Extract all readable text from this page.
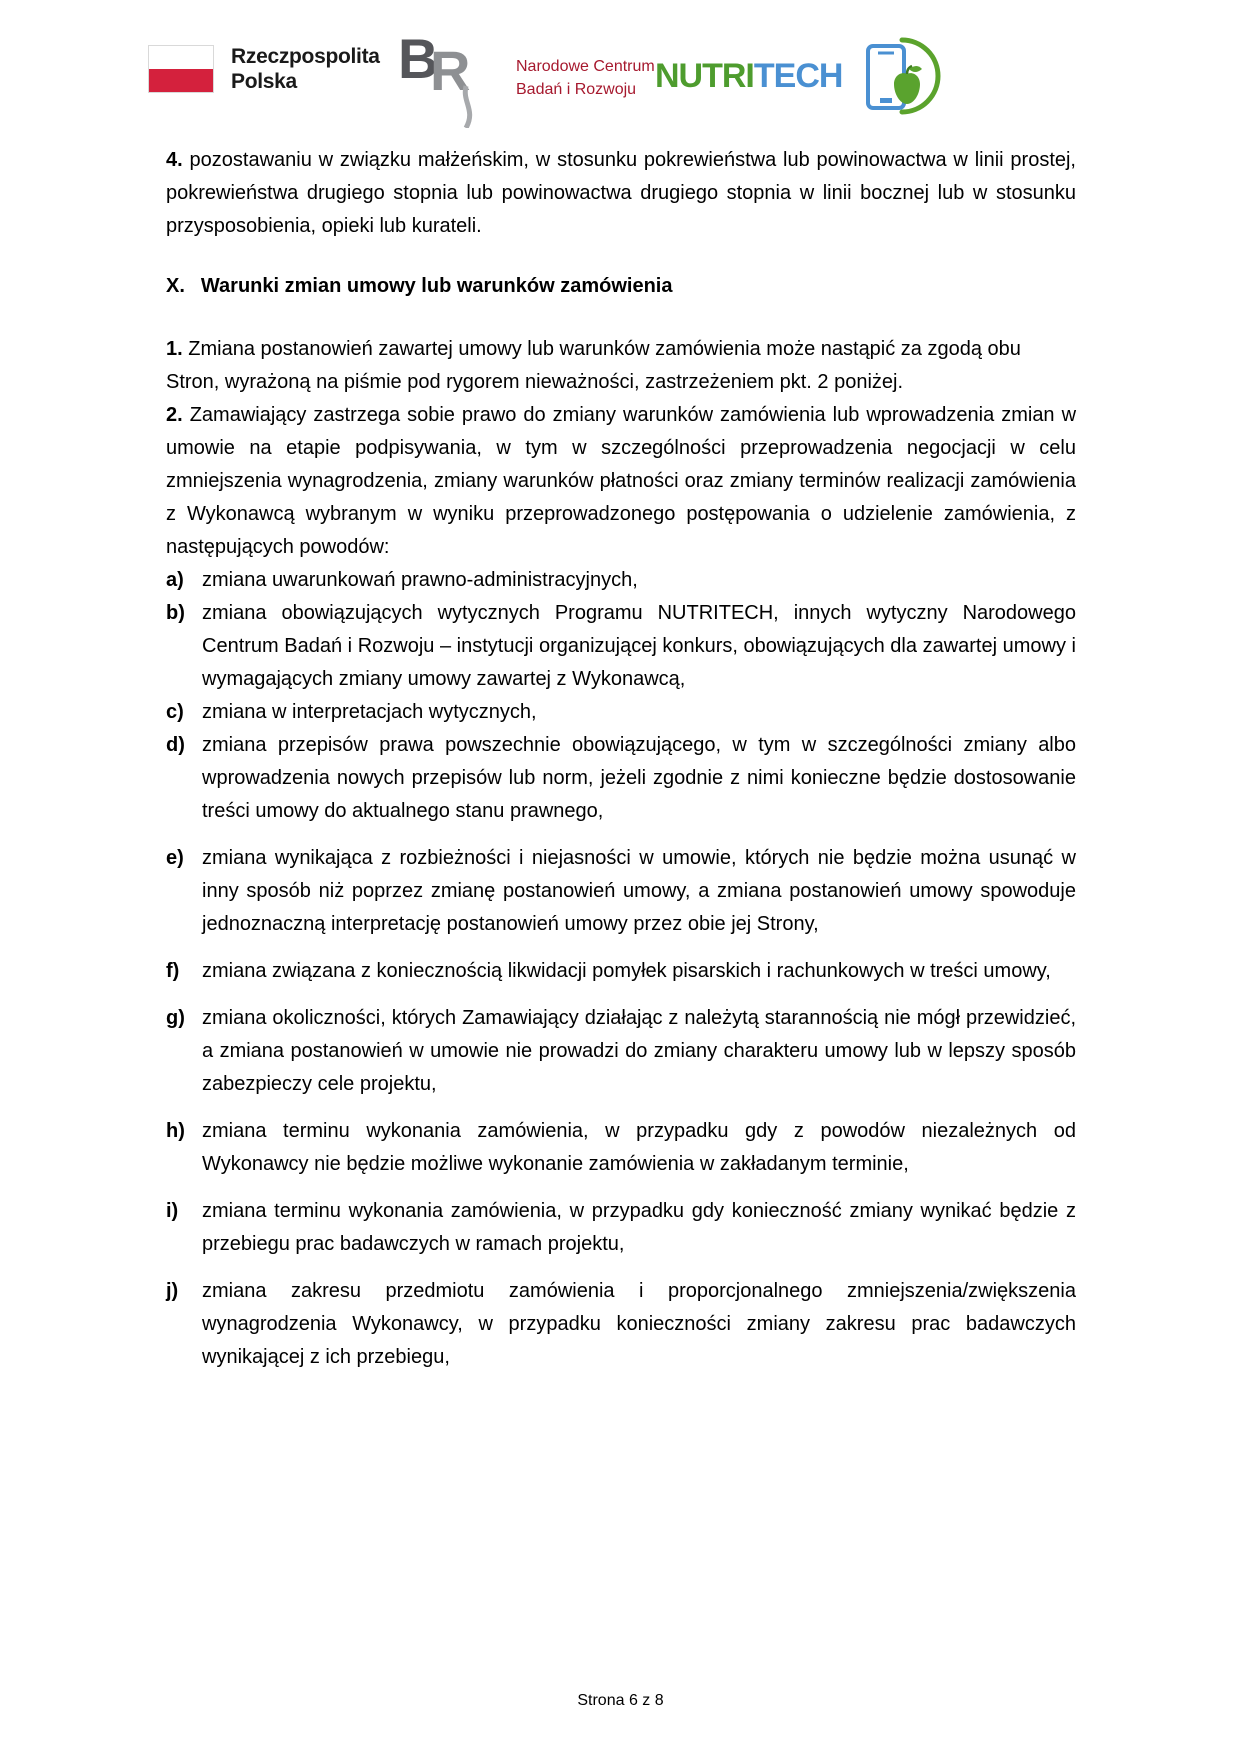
Rzeczpospolita
Polska	B
R	Narodowe Centrum
Badań i Rozwoju NUTRITECH

4. pozostawaniu w związku małżeńskim, w stosunku pokrewieństwa lub powinowactwa w linii prostej, pokrewieństwa drugiego stopnia lub powinowactwa drugiego stopnia w linii bocznej lub w stosunku przysposobienia, opieki lub kurateli.

X. Warunki zmian umowy lub warunków zamówienia

1. Zmiana postanowień zawartej umowy lub warunków zamówienia może nastąpić za zgodą obu Stron, wyrażoną na piśmie pod rygorem nieważności, zastrzeżeniem pkt. 2 poniżej.

2. Zamawiający zastrzega sobie prawo do zmiany warunków zamówienia lub wprowadzenia zmian w umowie na etapie podpisywania, w tym w szczególności przeprowadzenia negocjacji w celu zmniejszenia wynagrodzenia, zmiany warunków płatności oraz zmiany terminów realizacji zamówienia z Wykonawcą wybranym w wyniku przeprowadzonego postępowania o udzielenie zamówienia, z następujących powodów:

a) zmiana uwarunkowań prawno-administracyjnych,
b) zmiana obowiązujących wytycznych Programu NUTRITECH, innych wytyczny Narodowego Centrum Badań i Rozwoju – instytucji organizującej konkurs, obowiązujących dla zawartej umowy i wymagających zmiany umowy zawartej z Wykonawcą,
c) zmiana w interpretacjach wytycznych,
d) zmiana przepisów prawa powszechnie obowiązującego, w tym w szczególności zmiany albo wprowadzenia nowych przepisów lub norm, jeżeli zgodnie z nimi konieczne będzie dostosowanie treści umowy do aktualnego stanu prawnego,
e) zmiana wynikająca z rozbieżności i niejasności w umowie, których nie będzie można usunąć w inny sposób niż poprzez zmianę postanowień umowy, a zmiana postanowień umowy spowoduje jednoznaczną interpretację postanowień umowy przez obie jej Strony,
f) zmiana związana z koniecznością likwidacji pomyłek pisarskich i rachunkowych w treści umowy,
g) zmiana okoliczności, których Zamawiający działając z należytą starannością nie mógł przewidzieć, a zmiana postanowień w umowie nie prowadzi do zmiany charakteru umowy lub w lepszy sposób zabezpieczy cele projektu,
h) zmiana terminu wykonania zamówienia, w przypadku gdy z powodów niezależnych od Wykonawcy nie będzie możliwe wykonanie zamówienia w zakładanym terminie,
i) zmiana terminu wykonania zamówienia, w przypadku gdy konieczność zmiany wynikać będzie z przebiegu prac badawczych w ramach projektu,
j) zmiana zakresu przedmiotu zamówienia i proporcjonalnego zmniejszenia/zwiększenia wynagrodzenia Wykonawcy, w przypadku konieczności zmiany zakresu prac badawczych wynikającej z ich przebiegu,
Strona 6 z 8
